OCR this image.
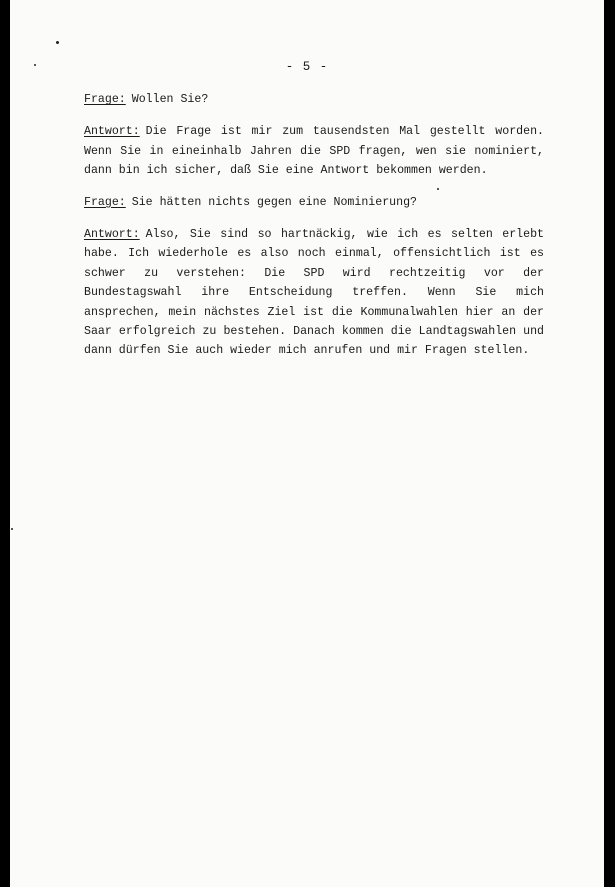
- 5 -

Frage: Wollen Sie?

Antwort: Die Frage ist mir zum tausendsten Mal gestellt worden. Wenn Sie in eineinhalb Jahren die SPD fragen, wen sie nominiert, dann bin ich sicher, daß Sie eine Antwort bekommen werden.

Frage: Sie hätten nichts gegen eine Nominierung?

Antwort: Also, Sie sind so hartnäckig, wie ich es selten erlebt habe. Ich wiederhole es also noch einmal, offensichtlich ist es schwer zu verstehen: Die SPD wird rechtzeitig vor der Bundestagswahl ihre Entscheidung treffen. Wenn Sie mich ansprechen, mein nächstes Ziel ist die Kommunalwahlen hier an der Saar erfolgreich zu bestehen. Danach kommen die Landtagswahlen und dann dürfen Sie auch wieder mich anrufen und mir Fragen stellen.
